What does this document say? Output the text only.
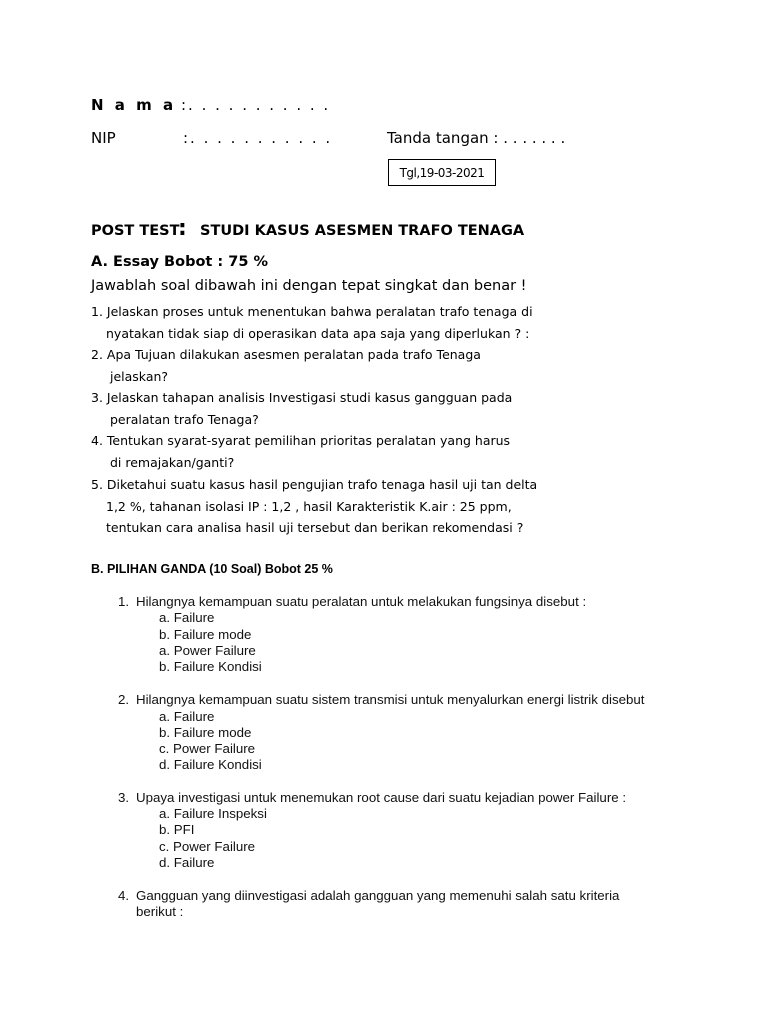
N a m a :. . . . . . . . . . .
NIP	:. . . . . . . . . . .	Tanda tangan : . . . . . . .
Tgl,19-03-2021
POST TEST
: STUDI KASUS ASESMEN TRAFO TENAGA
A. Essay Bobot : 75 %
Jawablah soal dibawah ini dengan tepat singkat dan benar !
1. Jelaskan proses untuk menentukan bahwa peralatan trafo tenaga di
nyatakan tidak siap di operasikan data apa saja yang diperlukan ? :
2. Apa Tujuan dilakukan asesmen peralatan pada trafo Tenaga
jelaskan?
3. Jelaskan tahapan analisis Investigasi studi kasus gangguan pada
peralatan trafo Tenaga?
4. Tentukan syarat-syarat pemilihan prioritas peralatan yang harus
di remajakan/ganti?
5. Diketahui suatu kasus hasil pengujian trafo tenaga hasil uji tan delta
1,2 %, tahanan isolasi IP : 1,2 , hasil Karakteristik K.air : 25 ppm,
tentukan cara analisa hasil uji tersebut dan berikan rekomendasi ?
B. PILIHAN GANDA (10 Soal) Bobot 25 %
1. Hilangnya kemampuan suatu peralatan untuk melakukan fungsinya disebut :
a. Failure
b. Failure mode
a. Power Failure
b. Failure Kondisi
2. Hilangnya kemampuan suatu sistem transmisi untuk menyalurkan energi listrik disebut
a. Failure
b. Failure mode
c. Power Failure
d. Failure Kondisi
3. Upaya investigasi untuk menemukan root cause dari suatu kejadian power Failure :
a. Failure Inspeksi
b. PFI
c. Power Failure
d. Failure
4. Gangguan yang diinvestigasi adalah gangguan yang memenuhi salah satu kriteria
berikut :
